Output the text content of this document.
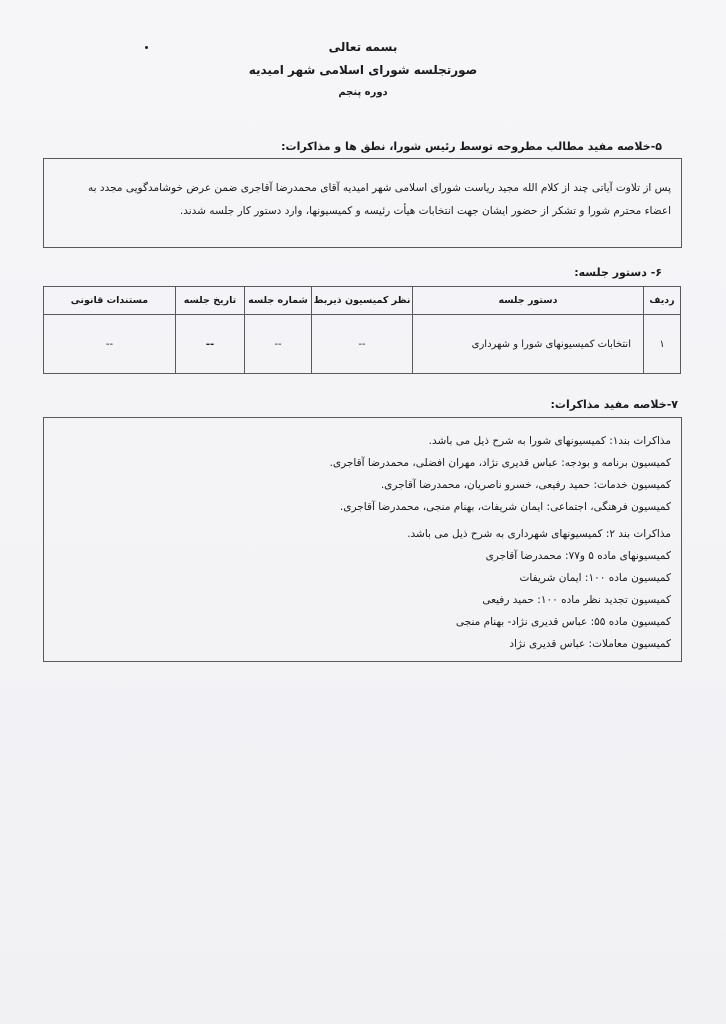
بسمه تعالی
صورتجلسه شورای اسلامی شهر امیدیه
دوره پنجم
۵-خلاصه مفید مطالب مطروحه توسط رئیس شورا، نطق ها و مذاکرات:

پس از تلاوت آیاتی چند از کلام الله مجید ریاست شورای اسلامی شهر امیدیه آقای محمدرضا آقاجری ضمن عرض خوشامدگویی مجدد به

اعضاء محترم شورا و تشکر از حضور ایشان جهت انتخابات هیأت رئیسه و کمیسیونها، وارد دستور کار جلسه شدند.

۶- دستور جلسه:
ردیف	دستور جلسه	نظر کمیسیون ذیربط	شماره جلسه	تاریخ جلسه	مستندات قانونی
۱	انتخابات کمیسیونهای شورا و شهرداری	--	--	--	--
۷-خلاصه مفید مذاکرات:
مذاکرات بند۱: کمیسیونهای شورا به شرح ذیل می باشد.
کمیسیون برنامه و بودجه: عباس قدیری نژاد، مهران افضلی، محمدرضا آقاجری.
کمیسیون خدمات: حمید رفیعی، خسرو ناصریان، محمدرضا آقاجری.
کمیسیون فرهنگی، اجتماعی: ایمان شریفات، بهنام منجی، محمدرضا آقاجری.
مذاکرات بند ۲: کمیسیونهای شهرداری به شرح ذیل می باشد.
کمیسیونهای ماده ۵ و۷۷: محمدرضا آقاجری
کمیسیون ماده ۱۰۰: ایمان شریفات
کمیسیون تجدید نظر ماده ۱۰۰: حمید رفیعی
کمیسیون ماده ۵۵: عباس قدیری نژاد- بهنام منجی
کمیسیون معاملات: عباس قدیری نژاد
